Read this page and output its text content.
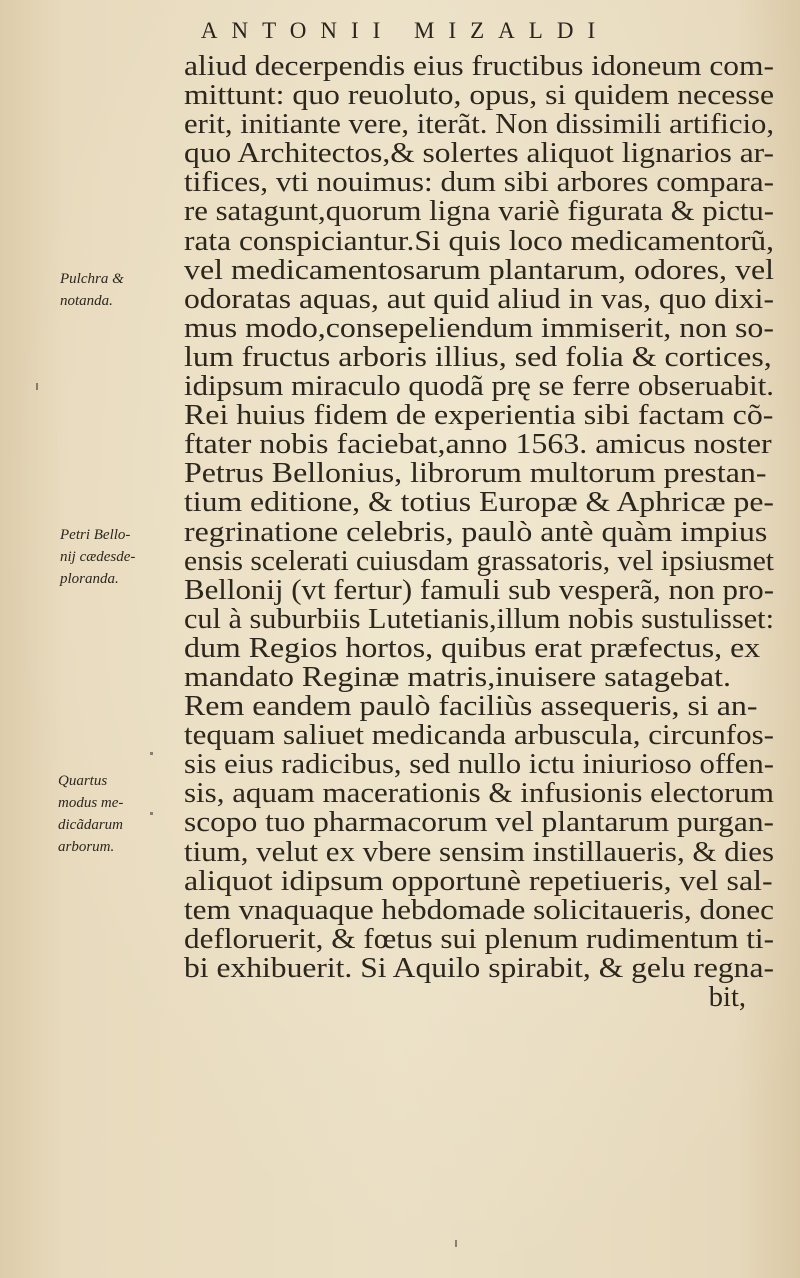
ANTONII MIZALDI
Pulchra &
notanda.
Petri Bello-
nij cædesde-
ploranda.
Quartus
modus me-
dicãdarum
arborum.
aliud decerpendis eius fructibus idoneum com-
mittunt: quo reuoluto, opus, si quidem necesse
erit, initiante vere, iterãt. Non dissimili artificio,
quo Architectos,& solertes aliquot lignarios ar-
tifices, vti nouimus: dum sibi arbores compara-
re satagunt,quorum ligna variè figurata & pictu-
rata conspiciantur.Si quis loco medicamentorũ,
vel medicamentosarum plantarum, odores, vel
odoratas aquas, aut quid aliud in vas, quo dixi-
mus modo,consepeliendum immiserit, non so-
lum fructus arboris illius, sed folia & cortices,
idipsum miraculo quodã prę se ferre obseruabit.
Rei huius fidem de experientia sibi factam cõ-
ftater nobis faciebat,anno 1563. amicus noster
Petrus Bellonius, librorum multorum prestan-
tium editione, & totius Europæ & Aphricæ pe-
regrinatione celebris, paulò antè quàm impius
ensis scelerati cuiusdam grassatoris, vel ipsiusmet
Bellonij (vt fertur) famuli sub vesperã, non pro-
cul à suburbiis Lutetianis,illum nobis sustulisset:
dum Regios hortos, quibus erat præfectus, ex
mandato Reginæ matris,inuisere satagebat.
Rem eandem paulò faciliùs assequeris, si an-
tequam saliuet medicanda arbuscula, circunfos-
sis eius radicibus, sed nullo ictu iniurioso offen-
sis, aquam macerationis & infusionis electorum
scopo tuo pharmacorum vel plantarum purgan-
tium, velut ex vbere sensim instillaueris, & dies
aliquot idipsum opportunè repetiueris, vel sal-
tem vnaquaque hebdomade solicitaueris, donec
defloruerit, & fœtus sui plenum rudimentum ti-
bi exhibuerit. Si Aquilo spirabit, & gelu regna-
bit,
